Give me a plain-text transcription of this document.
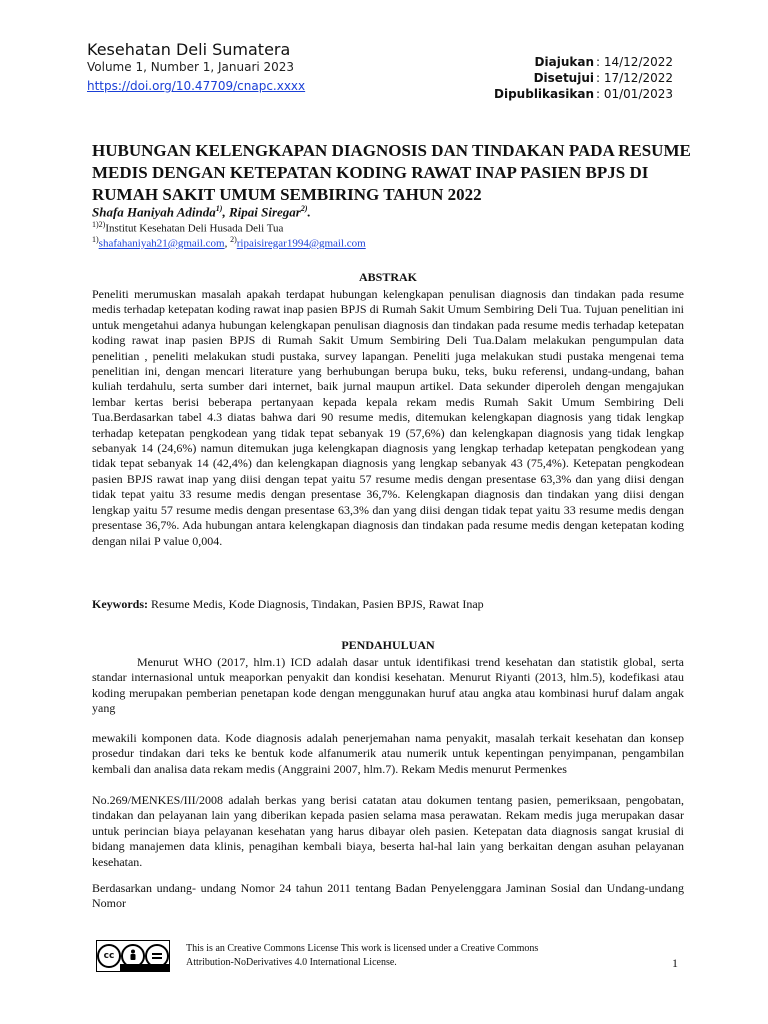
Kesehatan Deli Sumatera
Volume 1, Number 1, Januari 2023
https://doi.org/10.47709/cnapc.xxxx
Diajukan : 14/12/2022
Disetujui : 17/12/2022
Dipublikasikan : 01/01/2023
HUBUNGAN KELENGKAPAN DIAGNOSIS DAN TINDAKAN PADA RESUME MEDIS DENGAN KETEPATAN KODING RAWAT INAP PASIEN BPJS DI RUMAH SAKIT UMUM SEMBIRING TAHUN 2022
Shafa Haniyah Adinda$^{1)}$, Ripai Siregar$^{2)}$.
$^{1)2)}$Institut Kesehatan Deli Husada Deli Tua
$^{1)}$shafahaniyah21@gmail.com, $^{2)}$ripaisiregar1994@gmail.com
ABSTRAK
Peneliti merumuskan masalah apakah terdapat hubungan kelengkapan penulisan diagnosis dan tindakan pada resume medis terhadap ketepatan koding rawat inap pasien BPJS di Rumah Sakit Umum Sembiring Deli Tua. Tujuan penelitian ini untuk mengetahui adanya hubungan kelengkapan penulisan diagnosis dan tindakan pada resume medis terhadap ketepatan koding rawat inap pasien BPJS di Rumah Sakit Umum Sembiring Deli Tua.Dalam melakukan pengumpulan data penelitian , peneliti melakukan studi pustaka, survey lapangan. Peneliti juga melakukan studi pustaka mengenai tema penelitian ini, dengan mencari literature yang berhubungan berupa buku, teks, buku referensi, undang-undang, bahan kuliah terdahulu, serta sumber dari internet, baik jurnal maupun artikel. Data sekunder diperoleh dengan mengajukan lembar kertas berisi beberapa pertanyaan kepada kepala rekam medis Rumah Sakit Umum Sembiring Deli Tua.Berdasarkan tabel 4.3 diatas bahwa dari 90 resume medis, ditemukan kelengkapan diagnosis yang tidak lengkap terhadap ketepatan pengkodean yang tidak tepat sebanyak 19 (57,6%) dan kelengkapan diagnosis yang tidak lengkap sebanyak 14 (24,6%) namun ditemukan juga kelengkapan diagnosis yang lengkap terhadap ketepatan pengkodean yang tidak tepat sebanyak 14 (42,4%) dan kelengkapan diagnosis yang lengkap sebanyak 43 (75,4%). Ketepatan pengkodean pasien BPJS rawat inap yang diisi dengan tepat yaitu 57 resume medis dengan presentase 63,3% dan yang diisi dengan tidak tepat yaitu 33 resume medis dengan presentase 36,7%. Kelengkapan diagnosis dan tindakan yang diisi dengan lengkap yaitu 57 resume medis dengan presentase 63,3% dan yang diisi dengan tidak tepat yaitu 33 resume medis dengan presentase 36,7%. Ada hubungan antara kelengkapan diagnosis dan tindakan pada resume medis dengan ketepatan koding dengan nilai P value 0,004.
Keywords: Resume Medis, Kode Diagnosis, Tindakan, Pasien BPJS, Rawat Inap
PENDAHULUAN
Menurut WHO (2017, hlm.1) ICD adalah dasar untuk identifikasi trend kesehatan dan statistik global, serta standar internasional untuk meaporkan penyakit dan kondisi kesehatan. Menurut Riyanti (2013, hlm.5), kodefikasi atau koding merupakan pemberian penetapan kode dengan menggunakan huruf atau angka atau kombinasi huruf dalam angak yang
mewakili komponen data. Kode diagnosis adalah penerjemahan nama penyakit, masalah terkait kesehatan dan konsep prosedur tindakan dari teks ke bentuk kode alfanumerik atau numerik untuk kepentingan penyimpanan, pengambilan kembali dan analisa data rekam medis (Anggraini 2007, hlm.7). Rekam Medis menurut Permenkes
No.269/MENKES/III/2008 adalah berkas yang berisi catatan atau dokumen tentang pasien, pemeriksaan, pengobatan, tindakan dan pelayanan lain yang diberikan kepada pasien selama masa perawatan. Rekam medis juga merupakan dasar untuk perincian biaya pelayanan kesehatan yang harus dibayar oleh pasien. Ketepatan data diagnosis sangat krusial di bidang manajemen data klinis, penagihan kembali biaya, beserta hal-hal lain yang berkaitan dengan asuhan pelayanan kesehatan.
Berdasarkan undang- undang Nomor 24 tahun 2011 tentang Badan Penyelenggara Jaminan Sosial dan Undang-undang Nomor
cc
This is an Creative Commons License This work is licensed under a Creative Commons Attribution-NoDerivatives 4.0 International License.	1
